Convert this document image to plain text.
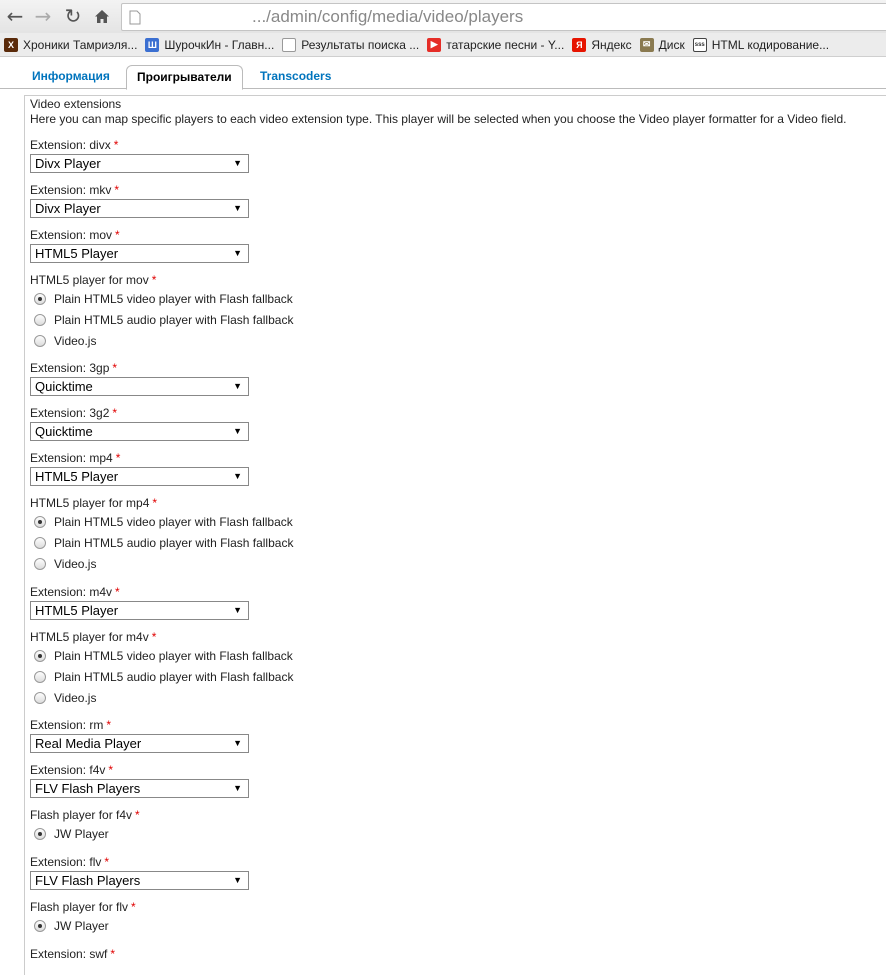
← → ↻	.../admin/config/media/video/players
Х Хроники Тамриэля... Ш ШурочкИн - Главн... Результаты поиска ...	▶ татарские песни - Y...	Я Яндекс	✉ Диск	sss HTML кодирование...
Информация	Проигрыватели	Transcoders
Video extensions
Here you can map specific players to each video extension type. This player will be selected when you choose the Video player formatter for a Video field.
Extension: divx *
Divx Player	▼
Extension: mkv *
Divx Player	▼
Extension: mov *
HTML5 Player	▼
HTML5 player for mov *
Plain HTML5 video player with Flash fallback
Plain HTML5 audio player with Flash fallback
Video.js
Extension: 3gp *
Quicktime	▼
Extension: 3g2 *
Quicktime	▼
Extension: mp4 *
HTML5 Player	▼
HTML5 player for mp4 *
Plain HTML5 video player with Flash fallback
Plain HTML5 audio player with Flash fallback
Video.js
Extension: m4v *
HTML5 Player	▼
HTML5 player for m4v *
Plain HTML5 video player with Flash fallback
Plain HTML5 audio player with Flash fallback
Video.js
Extension: rm *
Real Media Player	▼
Extension: f4v *
FLV Flash Players	▼
Flash player for f4v *
JW Player
Extension: flv *
FLV Flash Players	▼
Flash player for flv *
JW Player
Extension: swf *
